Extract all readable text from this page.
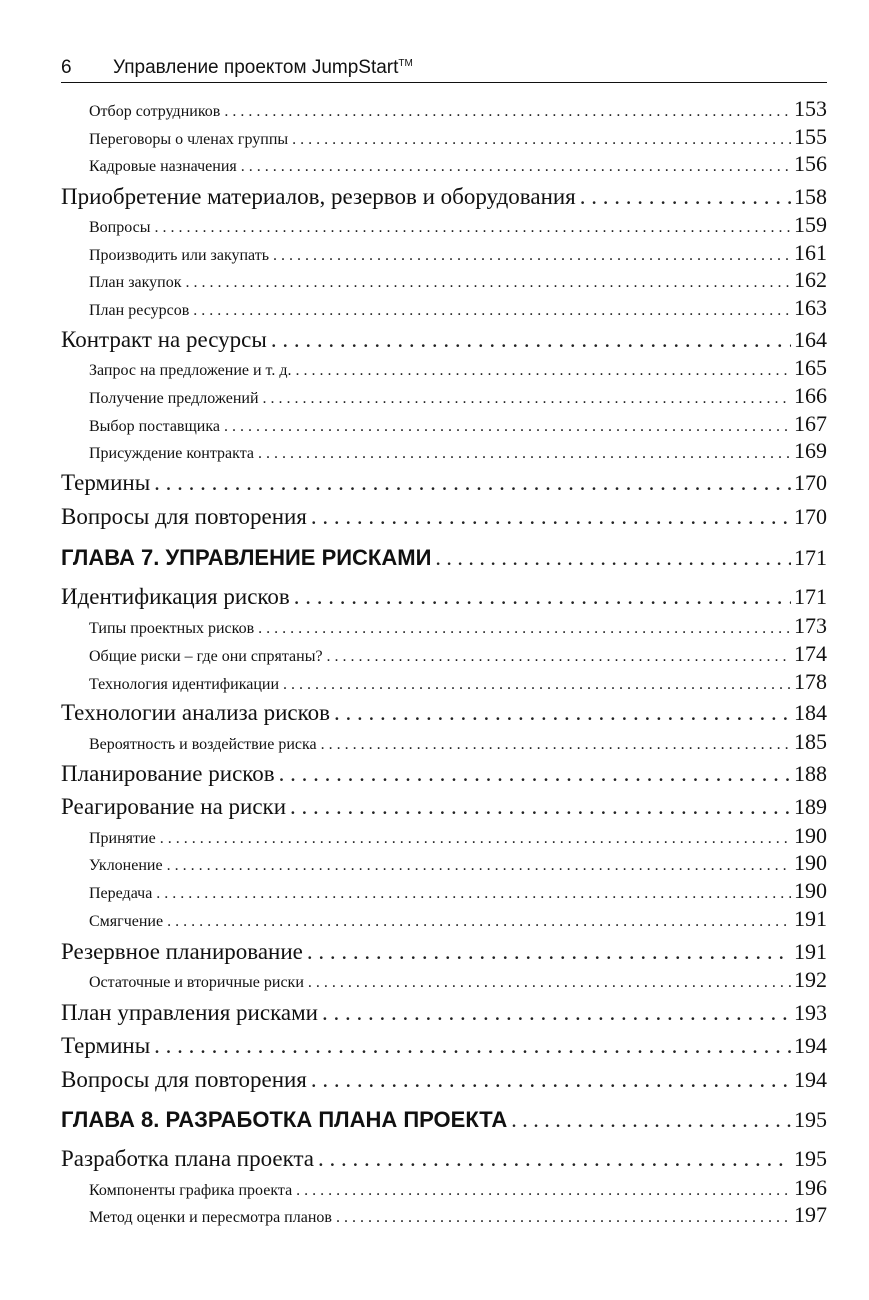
6	Управление проектом JumpStart™
Отбор сотрудников . . .	153
Переговоры о членах группы . . .	155
Кадровые назначения . . .	156
Приобретение материалов, резервов и оборудования . . .	158
Вопросы . . .	159
Производить или закупать . . .	161
План закупок . . .	162
План ресурсов . . .	163
Контракт на ресурсы . . .	164
Запрос на предложение и т. д. . . .	165
Получение предложений . . .	166
Выбор поставщика . . .	167
Присуждение контракта . . .	169
Термины . . .	170
Вопросы для повторения . . .	170
ГЛАВА 7. УПРАВЛЕНИЕ РИСКАМИ . . .	171
Идентификация рисков . . .	171
Типы проектных рисков . . .	173
Общие риски – где они спрятаны? . . .	174
Технология идентификации . . .	178
Технологии анализа рисков . . .	184
Вероятность и воздействие риска . . .	185
Планирование рисков . . .	188
Реагирование на риски . . .	189
Принятие . . .	190
Уклонение . . .	190
Передача . . .	190
Смягчение . . .	191
Резервное планирование . . .	191
Остаточные и вторичные риски . . .	192
План управления рисками . . .	193
Термины . . .	194
Вопросы для повторения . . .	194
ГЛАВА 8. РАЗРАБОТКА ПЛАНА ПРОЕКТА . . .	195
Разработка плана проекта . . .	195
Компоненты графика проекта . . .	196
Метод оценки и пересмотра планов . . .	197
